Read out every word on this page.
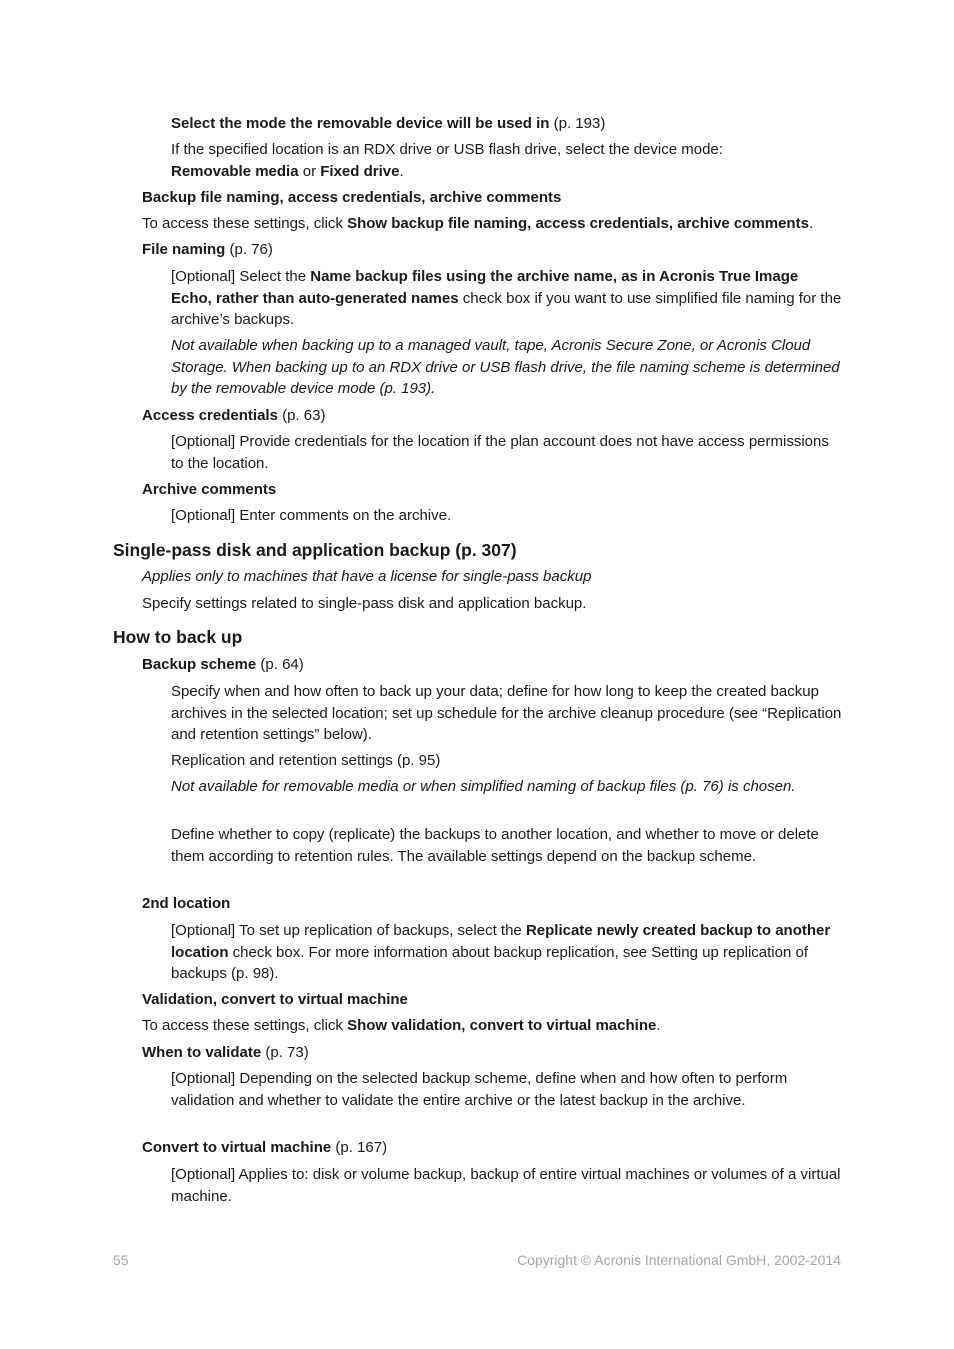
Select the mode the removable device will be used in (p. 193)

If the specified location is an RDX drive or USB flash drive, select the device mode:
Removable media or Fixed drive.

Backup file naming, access credentials, archive comments

To access these settings, click Show backup file naming, access credentials, archive comments.

File naming (p. 76)

[Optional] Select the Name backup files using the archive name, as in Acronis True Image Echo, rather than auto-generated names check box if you want to use simplified file naming for the archive’s backups.

Not available when backing up to a managed vault, tape, Acronis Secure Zone, or Acronis Cloud Storage. When backing up to an RDX drive or USB flash drive, the file naming scheme is determined by the removable device mode (p. 193).

Access credentials (p. 63)

[Optional] Provide credentials for the location if the plan account does not have access permissions to the location.

Archive comments

[Optional] Enter comments on the archive.

Single-pass disk and application backup (p. 307)

Applies only to machines that have a license for single-pass backup

Specify settings related to single-pass disk and application backup.

How to back up

Backup scheme (p. 64)

Specify when and how often to back up your data; define for how long to keep the created backup archives in the selected location; set up schedule for the archive cleanup procedure (see “Replication and retention settings” below).

Replication and retention settings (p. 95)

Not available for removable media or when simplified naming of backup files (p. 76) is chosen.

Define whether to copy (replicate) the backups to another location, and whether to move or delete them according to retention rules. The available settings depend on the backup scheme.

2nd location

[Optional] To set up replication of backups, select the Replicate newly created backup to another location check box. For more information about backup replication, see Setting up replication of backups (p. 98).

Validation, convert to virtual machine

To access these settings, click Show validation, convert to virtual machine.

When to validate (p. 73)

[Optional] Depending on the selected backup scheme, define when and how often to perform validation and whether to validate the entire archive or the latest backup in the archive.

Convert to virtual machine (p. 167)

[Optional] Applies to: disk or volume backup, backup of entire virtual machines or volumes of a virtual machine.

55	Copyright © Acronis International GmbH, 2002-2014
